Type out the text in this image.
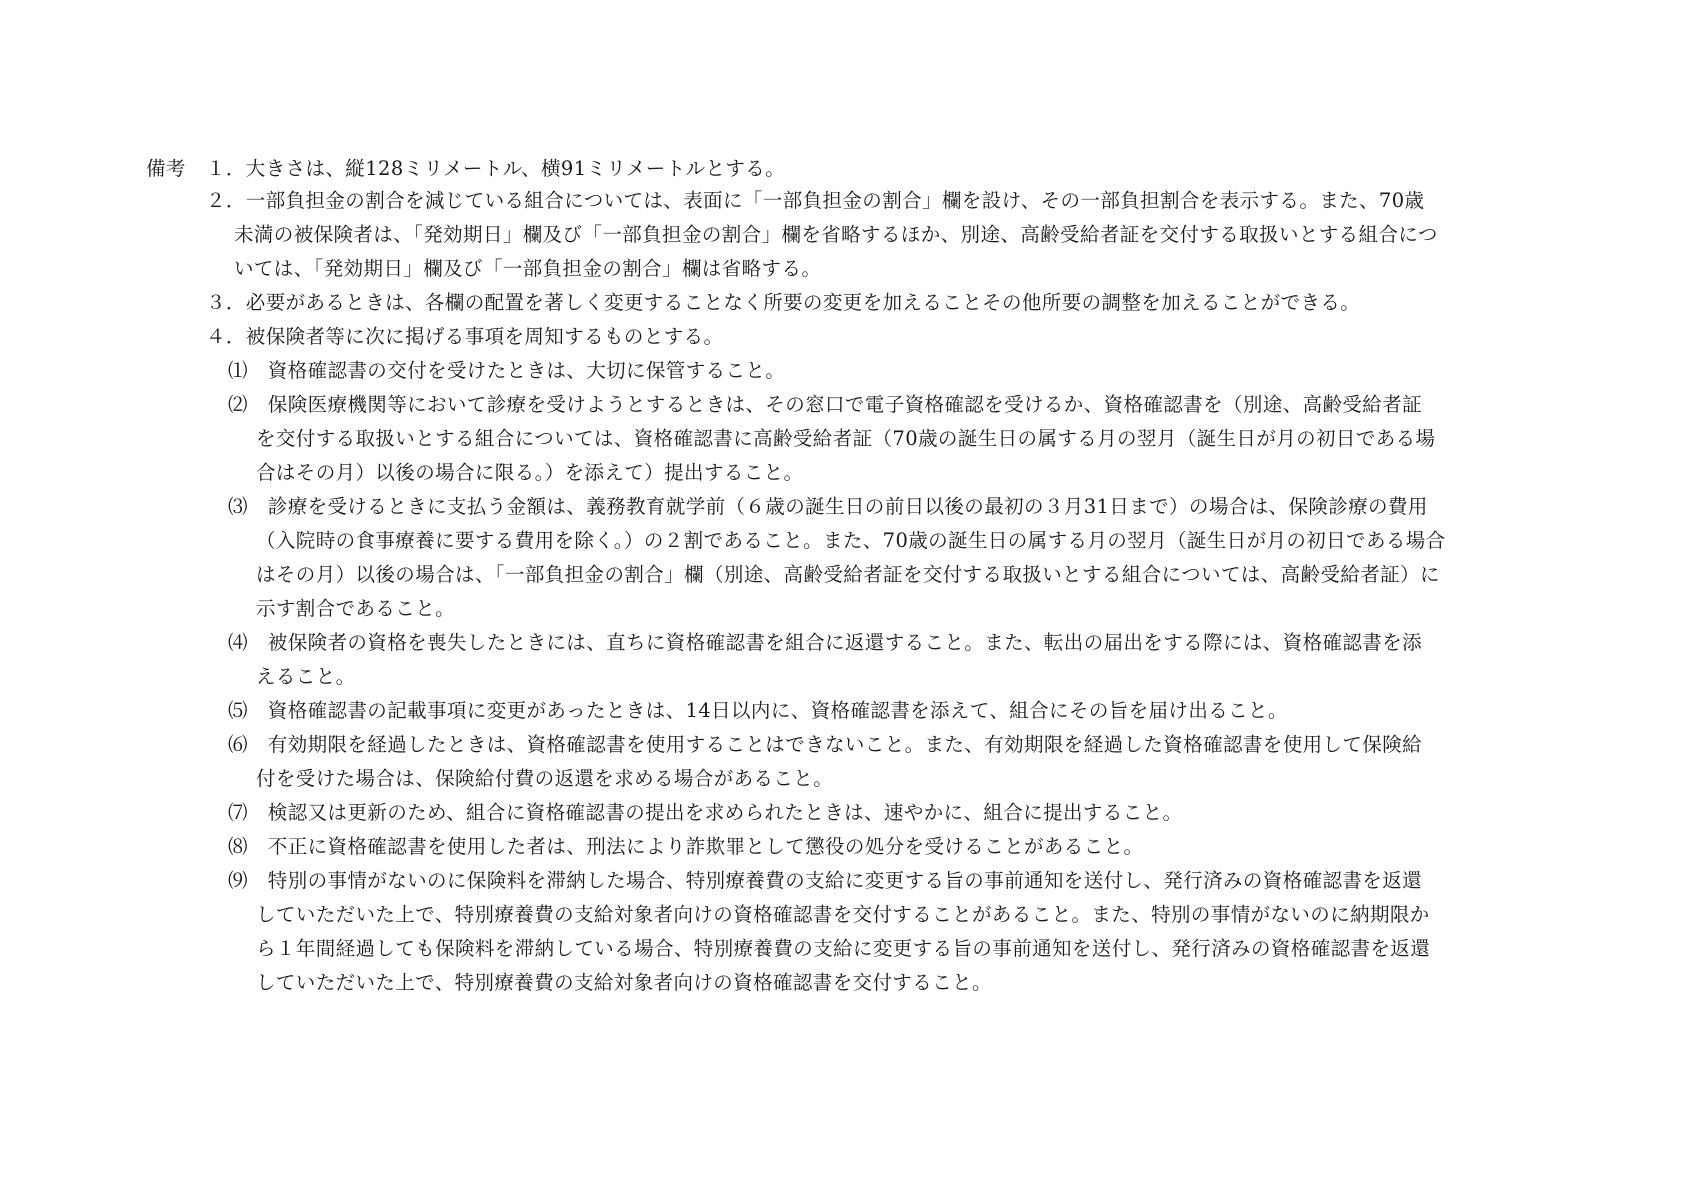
備考 １．大きさは、縦128ミリメートル、横91ミリメートルとする。
２．一部負担金の割合を減じている組合については、表面に「一部負担金の割合」欄を設け、その一部負担割合を表示する。また、70歳
未満の被保険者は、「発効期日」欄及び「一部負担金の割合」欄を省略するほか、別途、高齢受給者証を交付する取扱いとする組合につ
いては、「発効期日」欄及び「一部負担金の割合」欄は省略する。
３．必要があるときは、各欄の配置を著しく変更することなく所要の変更を加えることその他所要の調整を加えることができる。
４．被保険者等に次に掲げる事項を周知するものとする。
⑴　資格確認書の交付を受けたときは、大切に保管すること。
⑵　保険医療機関等において診療を受けようとするときは、その窓口で電子資格確認を受けるか、資格確認書を（別途、高齢受給者証
を交付する取扱いとする組合については、資格確認書に高齢受給者証（70歳の誕生日の属する月の翌月（誕生日が月の初日である場
合はその月）以後の場合に限る。）を添えて）提出すること。
⑶　診療を受けるときに支払う金額は、義務教育就学前（６歳の誕生日の前日以後の最初の３月31日まで）の場合は、保険診療の費用
（入院時の食事療養に要する費用を除く。）の２割であること。また、70歳の誕生日の属する月の翌月（誕生日が月の初日である場合
はその月）以後の場合は、「一部負担金の割合」欄（別途、高齢受給者証を交付する取扱いとする組合については、高齢受給者証）に
示す割合であること。
⑷　被保険者の資格を喪失したときには、直ちに資格確認書を組合に返還すること。また、転出の届出をする際には、資格確認書を添
えること。
⑸　資格確認書の記載事項に変更があったときは、14日以内に、資格確認書を添えて、組合にその旨を届け出ること。
⑹　有効期限を経過したときは、資格確認書を使用することはできないこと。また、有効期限を経過した資格確認書を使用して保険給
付を受けた場合は、保険給付費の返還を求める場合があること。
⑺　検認又は更新のため、組合に資格確認書の提出を求められたときは、速やかに、組合に提出すること。
⑻　不正に資格確認書を使用した者は、刑法により詐欺罪として懲役の処分を受けることがあること。
⑼　特別の事情がないのに保険料を滞納した場合、特別療養費の支給に変更する旨の事前通知を送付し、発行済みの資格確認書を返還
していただいた上で、特別療養費の支給対象者向けの資格確認書を交付することがあること。また、特別の事情がないのに納期限か
ら１年間経過しても保険料を滞納している場合、特別療養費の支給に変更する旨の事前通知を送付し、発行済みの資格確認書を返還
していただいた上で、特別療養費の支給対象者向けの資格確認書を交付すること。
